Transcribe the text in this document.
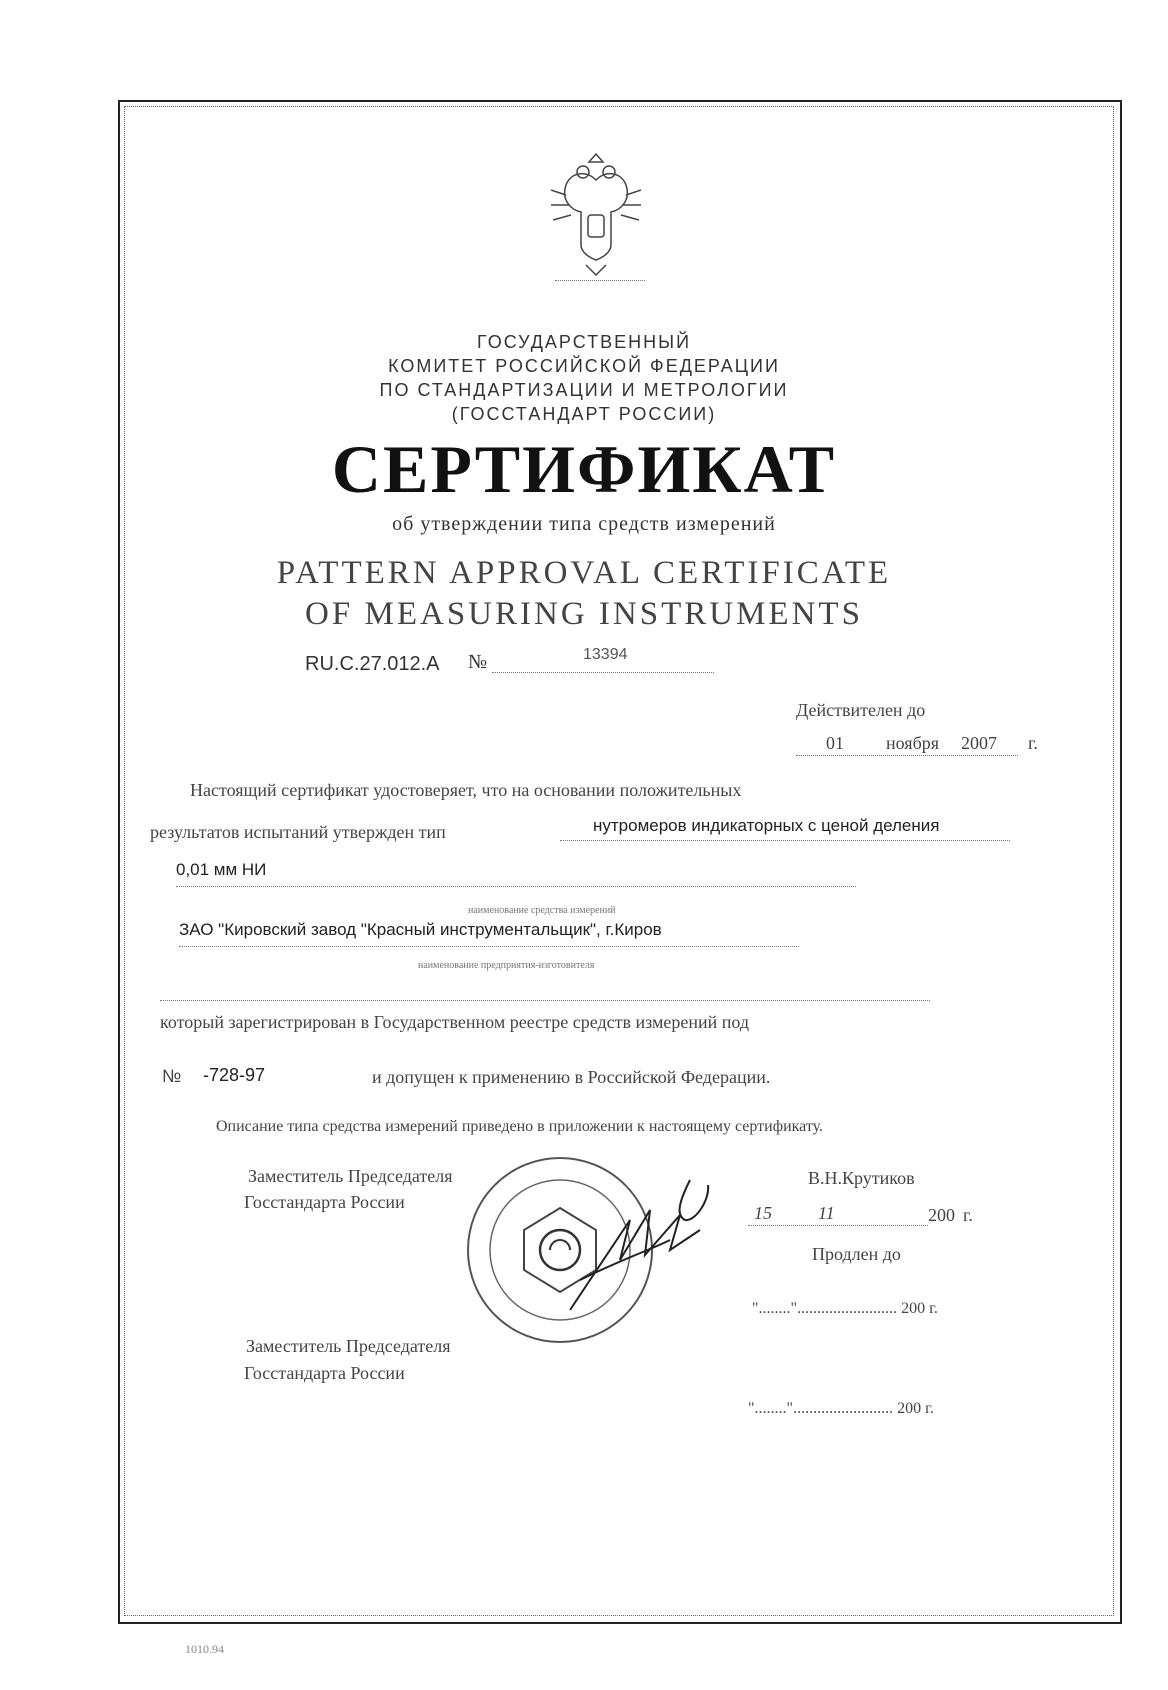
ГОСУДАРСТВЕННЫЙ
КОМИТЕТ РОССИЙСКОЙ ФЕДЕРАЦИИ
ПО СТАНДАРТИЗАЦИИ И МЕТРОЛОГИИ
(ГОССТАНДАРТ РОССИИ)
СЕРТИФИКАТ
об утверждении типа средств измерений
PATTERN APPROVAL CERTIFICATE
OF MEASURING INSTRUMENTS
RU.C.27.012.A №	13394
Действителен до
01 ноября 2007 г.
Настоящий сертификат удостоверяет, что на основании положительных
результатов испытаний утвержден тип	нутромеров индикаторных с ценой деления
0,01 мм НИ
наименование средства измерений
ЗАО "Кировский завод "Красный инструментальщик", г.Киров
наименование предприятия-изготовителя
который зарегистрирован в Государственном реестре средств измерений под
№ -728-97	и допущен к применению в Российской Федерации.
Описание типа средства измерений приведено в приложении к настоящему сертификату.
Заместитель Председателя
Госстандарта России
В.Н.Крутиков
15	11	200 г.
Продлен до
"........"......................... 200 г.
Заместитель Председателя
Госстандарта России
"........"......................... 200 г.
1010.94
